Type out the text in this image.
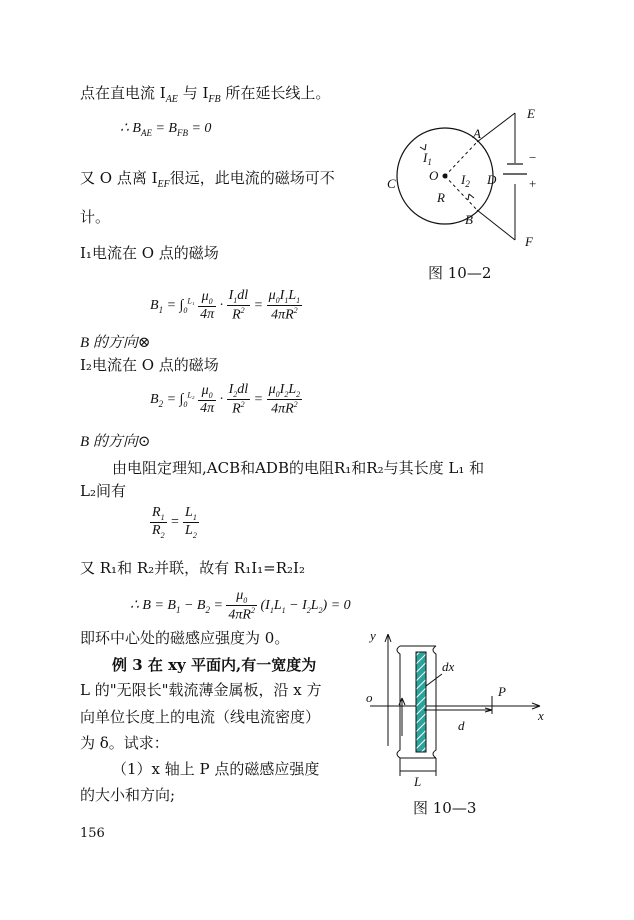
点在直电流 $I_{AE}$ 与 $I_{FB}$ 所在延长线上。
∴ $B_{AE} = B_{FB} = 0$
又 O 点离 $I_{EF}$很远，此电流的磁场可不
计。
I₁电流在 O 点的磁场
E
A
$I_1$
O $I_2$ D
C
R
B
F
−
+
图 10—2
$B_1 = \int_0^{L_1} \frac{\mu_0}{4\pi} \cdot \frac{I_1dl}{R^2} = \frac{\mu_0I_1L_1}{4\pi R^2}$
B 的方向⊗
I₂电流在 O 点的磁场
$B_2 = \int_0^{L_2} \frac{\mu_0}{4\pi} \cdot \frac{I_2dl}{R^2} = \frac{\mu_0I_2L_2}{4\pi R^2}$
B 的方向⊙
由电阻定理知,ACB和ADB的电阻R₁和R₂与其长度 L₁ 和
L₂间有
$\frac{R_1}{R_2} = \frac{L_1}{L_2}$
又 R₁和 R₂并联，故有 R₁I₁=R₂I₂
∴ $B = B_1 - B_2 = \frac{\mu_0}{4\pi R^2} (I_1L_1 - I_2L_2) = 0$
即环中心处的磁感应强度为 0。
例 3 在 xy 平面内,有一宽度为
L 的"无限长"载流薄金属板，沿 x 方
向单位长度上的电流（线电流密度）
为 δ。试求：
（1）x 轴上 P 点的磁感应强度
的大小和方向;
y
dx
o	P
x
d
L
图 10—3
156
